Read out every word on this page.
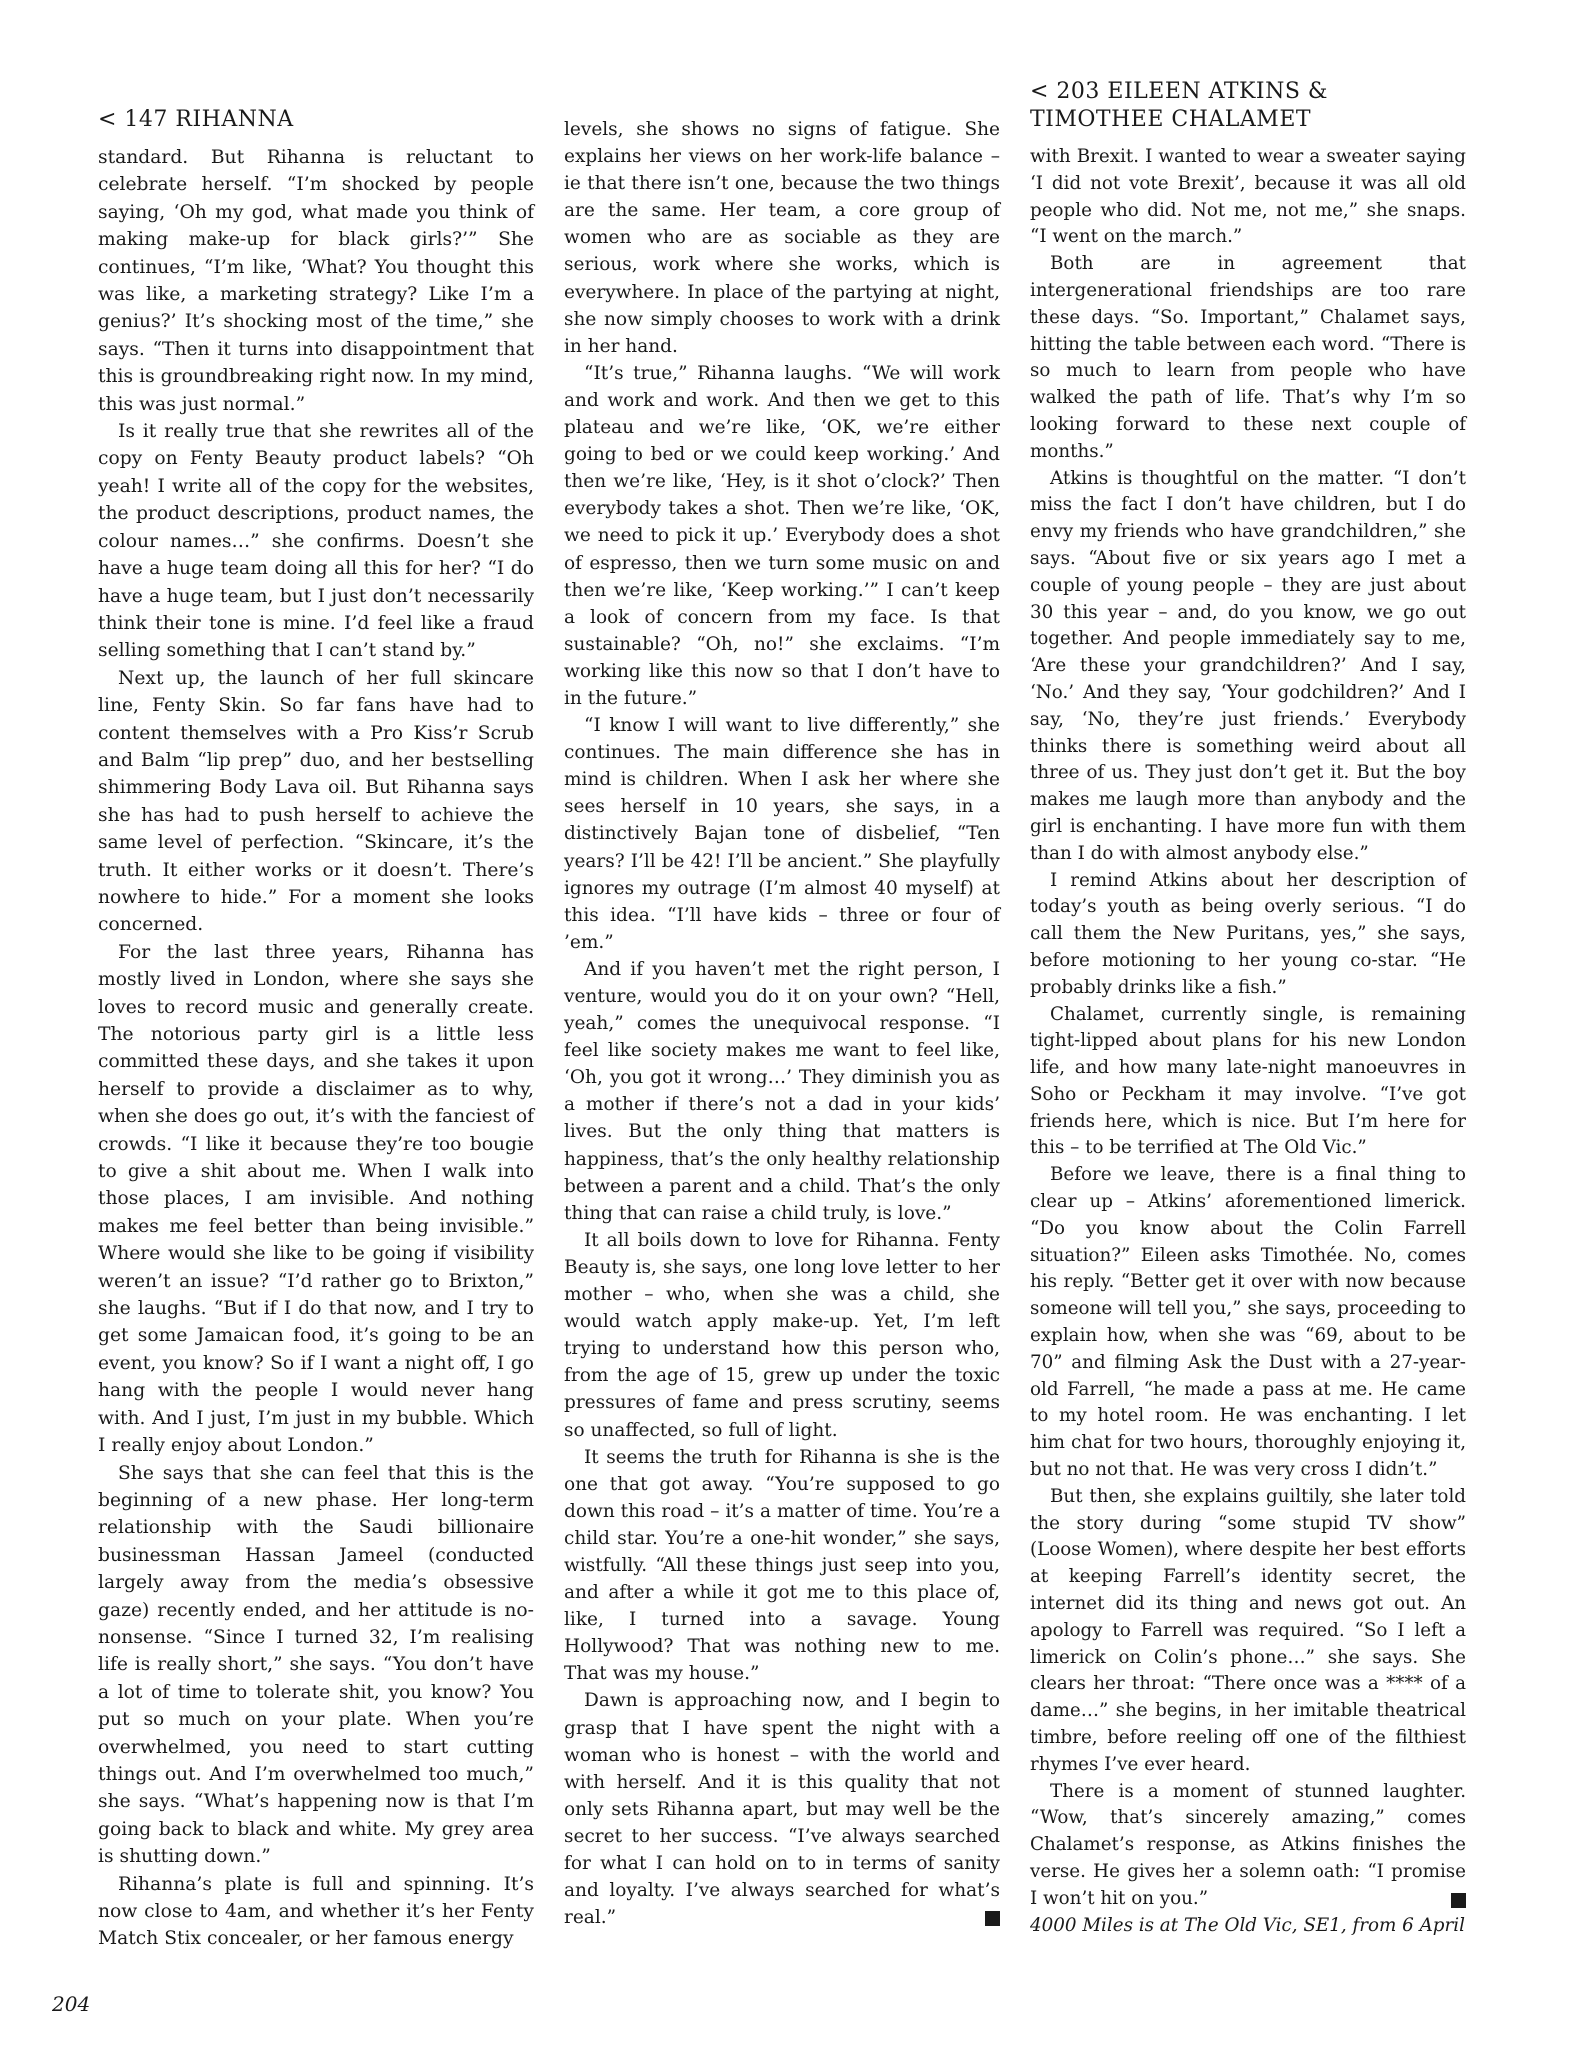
< 147 RIHANNA

standard. But Rihanna is reluctant to celebrate herself. “I’m shocked by people saying, ‘Oh my god, what made you think of making make-up for black girls?’” She continues, “I’m like, ‘What? You thought this was like, a marketing strategy? Like I’m a genius?’ It’s shocking most of the time,” she says. “Then it turns into disappointment that this is groundbreaking right now. In my mind, this was just normal.”

Is it really true that she rewrites all of the copy on Fenty Beauty product labels? “Oh yeah! I write all of the copy for the websites, the product descriptions, product names, the colour names…” she confirms. Doesn’t she have a huge team doing all this for her? “I do have a huge team, but I just don’t necessarily think their tone is mine. I’d feel like a fraud selling something that I can’t stand by.”

Next up, the launch of her full skincare line, Fenty Skin. So far fans have had to content themselves with a Pro Kiss’r Scrub and Balm “lip prep” duo, and her bestselling shimmering Body Lava oil. But Rihanna says she has had to push herself to achieve the same level of perfection. “Skincare, it’s the truth. It either works or it doesn’t. There’s nowhere to hide.” For a moment she looks concerned.

For the last three years, Rihanna has mostly lived in London, where she says she loves to record music and generally create. The notorious party girl is a little less committed these days, and she takes it upon herself to provide a disclaimer as to why, when she does go out, it’s with the fanciest of crowds. “I like it because they’re too bougie to give a shit about me. When I walk into those places, I am invisible. And nothing makes me feel better than being invisible.” Where would she like to be going if visibility weren’t an issue? “I’d rather go to Brixton,” she laughs. “But if I do that now, and I try to get some Jamaican food, it’s going to be an event, you know? So if I want a night off, I go hang with the people I would never hang with. And I just, I’m just in my bubble. Which I really enjoy about London.”

She says that she can feel that this is the beginning of a new phase. Her long-term relationship with the Saudi billionaire businessman Hassan Jameel (conducted largely away from the media’s obsessive gaze) recently ended, and her attitude is no-nonsense. “Since I turned 32, I’m realising life is really short,” she says. “You don’t have a lot of time to tolerate shit, you know? You put so much on your plate. When you’re overwhelmed, you need to start cutting things out. And I’m overwhelmed too much,” she says. “What’s happening now is that I’m going back to black and white. My grey area is shutting down.”

Rihanna’s plate is full and spinning. It’s now close to 4am, and whether it’s her Fenty Match Stix concealer, or her famous energy

levels, she shows no signs of fatigue. She explains her views on her work-life balance – ie that there isn’t one, because the two things are the same. Her team, a core group of women who are as sociable as they are serious, work where she works, which is everywhere. In place of the partying at night, she now simply chooses to work with a drink in her hand.

“It’s true,” Rihanna laughs. “We will work and work and work. And then we get to this plateau and we’re like, ‘OK, we’re either going to bed or we could keep working.’ And then we’re like, ‘Hey, is it shot o’clock?’ Then everybody takes a shot. Then we’re like, ‘OK, we need to pick it up.’ Everybody does a shot of espresso, then we turn some music on and then we’re like, ‘Keep working.’” I can’t keep a look of concern from my face. Is that sustainable? “Oh, no!” she exclaims. “I’m working like this now so that I don’t have to in the future.”

“I know I will want to live differently,” she continues. The main difference she has in mind is children. When I ask her where she sees herself in 10 years, she says, in a distinctively Bajan tone of disbelief, “Ten years? I’ll be 42! I’ll be ancient.” She playfully ignores my outrage (I’m almost 40 myself) at this idea. “I’ll have kids – three or four of ’em.”

And if you haven’t met the right person, I venture, would you do it on your own? “Hell, yeah,” comes the unequivocal response. “I feel like society makes me want to feel like, ‘Oh, you got it wrong…’ They diminish you as a mother if there’s not a dad in your kids’ lives. But the only thing that matters is happiness, that’s the only healthy relationship between a parent and a child. That’s the only thing that can raise a child truly, is love.”

It all boils down to love for Rihanna. Fenty Beauty is, she says, one long love letter to her mother – who, when she was a child, she would watch apply make-up. Yet, I’m left trying to understand how this person who, from the age of 15, grew up under the toxic pressures of fame and press scrutiny, seems so unaffected, so full of light.

It seems the truth for Rihanna is she is the one that got away. “You’re supposed to go down this road – it’s a matter of time. You’re a child star. You’re a one-hit wonder,” she says, wistfully. “All these things just seep into you, and after a while it got me to this place of, like, I turned into a savage. Young Hollywood? That was nothing new to me. That was my house.”

Dawn is approaching now, and I begin to grasp that I have spent the night with a woman who is honest – with the world and with herself. And it is this quality that not only sets Rihanna apart, but may well be the secret to her success. “I’ve always searched for what I can hold on to in terms of sanity and loyalty. I’ve always searched for what’s real.”

< 203 EILEEN ATKINS & TIMOTHEE CHALAMET

with Brexit. I wanted to wear a sweater saying ‘I did not vote Brexit’, because it was all old people who did. Not me, not me,” she snaps. “I went on the march.”

Both are in agreement that intergenerational friendships are too rare these days. “So. Important,” Chalamet says, hitting the table between each word. “There is so much to learn from people who have walked the path of life. That’s why I’m so looking forward to these next couple of months.”

Atkins is thoughtful on the matter. “I don’t miss the fact I don’t have children, but I do envy my friends who have grandchildren,” she says. “About five or six years ago I met a couple of young people – they are just about 30 this year – and, do you know, we go out together. And people immediately say to me, ‘Are these your grandchildren?’ And I say, ‘No.’ And they say, ‘Your godchildren?’ And I say, ‘No, they’re just friends.’ Everybody thinks there is something weird about all three of us. They just don’t get it. But the boy makes me laugh more than anybody and the girl is enchanting. I have more fun with them than I do with almost anybody else.”

I remind Atkins about her description of today’s youth as being overly serious. “I do call them the New Puritans, yes,” she says, before motioning to her young co-star. “He probably drinks like a fish.”

Chalamet, currently single, is remaining tight-lipped about plans for his new London life, and how many late-night manoeuvres in Soho or Peckham it may involve. “I’ve got friends here, which is nice. But I’m here for this – to be terrified at The Old Vic.”

Before we leave, there is a final thing to clear up – Atkins’ aforementioned limerick. “Do you know about the Colin Farrell situation?” Eileen asks Timothée. No, comes his reply. “Better get it over with now because someone will tell you,” she says, proceeding to explain how, when she was “69, about to be 70” and filming Ask the Dust with a 27-year-old Farrell, “he made a pass at me. He came to my hotel room. He was enchanting. I let him chat for two hours, thoroughly enjoying it, but no not that. He was very cross I didn’t.”

But then, she explains guiltily, she later told the story during “some stupid TV show” (Loose Women), where despite her best efforts at keeping Farrell’s identity secret, the internet did its thing and news got out. An apology to Farrell was required. “So I left a limerick on Colin’s phone…” she says. She clears her throat: “There once was a **** of a dame…” she begins, in her imitable theatrical timbre, before reeling off one of the filthiest rhymes I’ve ever heard.

There is a moment of stunned laughter. “Wow, that’s sincerely amazing,” comes Chalamet’s response, as Atkins finishes the verse. He gives her a solemn oath: “I promise I won’t hit on you.”

4000 Miles is at The Old Vic, SE1, from 6 April

204
